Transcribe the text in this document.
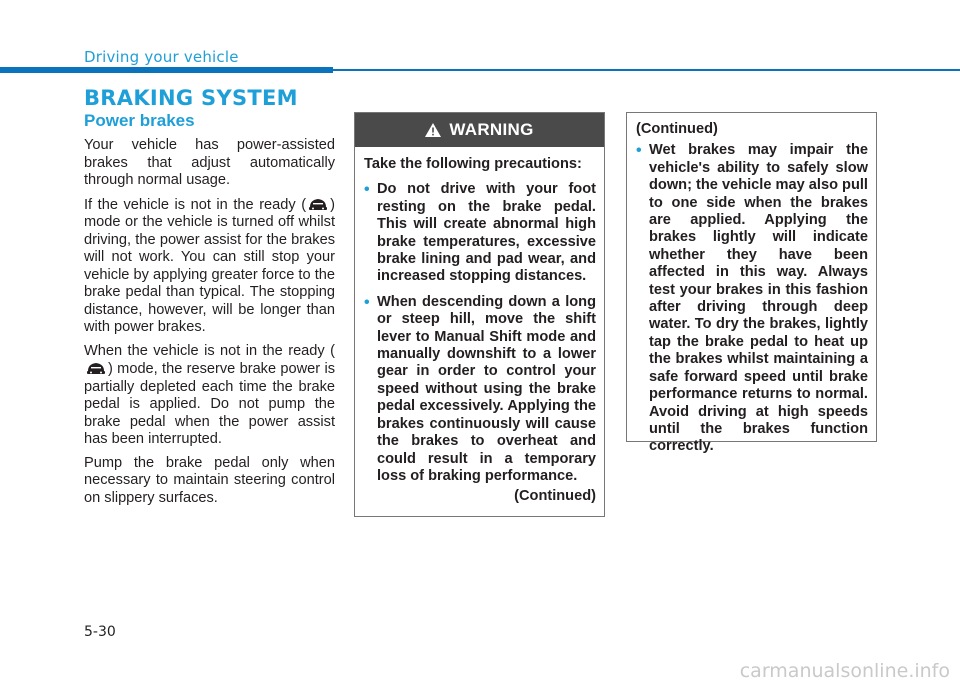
Driving your vehicle
BRAKING SYSTEM
Power brakes

Your vehicle has power-assisted brakes that adjust automatically through normal usage.

If the vehicle is not in the ready ( ) mode or the vehicle is turned off whilst driving, the power assist for the brakes will not work. You can still stop your vehicle by applying greater force to the brake pedal than typical. The stopping distance, however, will be longer than with power brakes.

When the vehicle is not in the ready () mode, the reserve brake power is partially depleted each time the brake pedal is applied. Do not pump the brake pedal when the power assist has been interrupted.

Pump the brake pedal only when necessary to maintain steering control on slippery surfaces.

WARNING

Take the following precautions:

• Do not drive with your foot resting on the brake pedal. This will create abnormal high brake temperatures, excessive brake lining and pad wear, and increased stopping distances.

• When descending down a long or steep hill, move the shift lever to Manual Shift mode and manually downshift to a lower gear in order to control your speed without using the brake pedal excessively. Applying the brakes continuously will cause the brakes to overheat and could result in a temporary loss of braking performance.

(Continued)

(Continued)

• Wet brakes may impair the vehicle's ability to safely slow down; the vehicle may also pull to one side when the brakes are applied. Applying the brakes lightly will indicate whether they have been affected in this way. Always test your brakes in this fashion after driving through deep water. To dry the brakes, lightly tap the brake pedal to heat up the brakes whilst maintaining a safe forward speed until brake performance returns to normal. Avoid driving at high speeds until the brakes function correctly.

5-30
carmanualsonline.info
